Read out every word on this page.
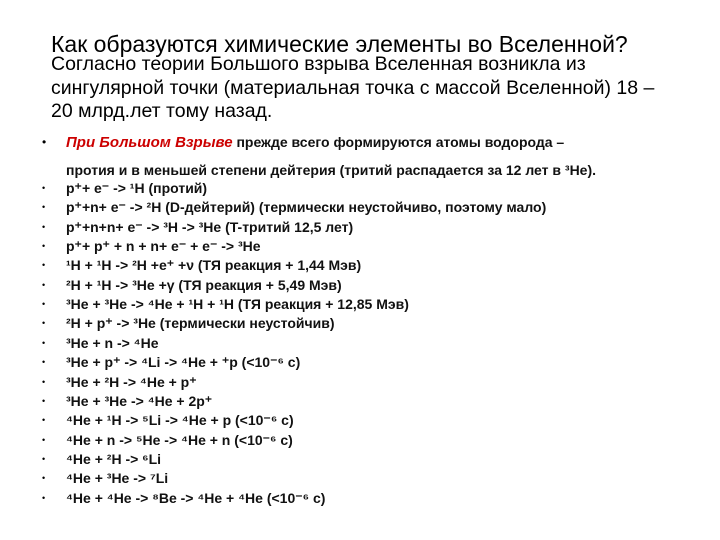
Как образуются химические элементы во Вселенной?
Согласно теории Большого взрыва Вселенная возникла из
сингулярной точки (материальная точка с массой Вселенной) 18 –
20 млрд.лет тому назад.
• При Большом Взрыве прежде всего формируются атомы водорода –
протия и в меньшей степени дейтерия (тритий распадается за 12 лет в ³He).
• p⁺+ e⁻ -> ¹H (протий)
• p⁺+n+ e⁻ -> ²H (D-дейтерий) (термически неустойчиво, поэтому мало)
• p⁺+n+n+ e⁻ -> ³H -> ³He (T-тритий 12,5 лет)
• p⁺+ p⁺ + n + n+ e⁻ + e⁻ -> ³He
• ¹H + ¹H -> ²H +e⁺ +ν (ТЯ реакция + 1,44 Мэв)
• ²H + ¹H -> ³He +γ (ТЯ реакция + 5,49 Мэв)
• ³He + ³He -> ⁴He + ¹H + ¹H (ТЯ реакция + 12,85 Мэв)
• ²H + p⁺ -> ³He (термически неустойчив)
• ³He + n -> ⁴He
• ³He + p⁺ -> ⁴Li -> ⁴He + ⁺p (<10⁻⁶ с)
• ³He + ²H -> ⁴He + p⁺
• ³He + ³He -> ⁴He + 2p⁺
• ⁴He + ¹H -> ⁵Li -> ⁴He + p (<10⁻⁶ с)
• ⁴He + n -> ⁵He -> ⁴He + n (<10⁻⁶ с)
• ⁴He + ²H -> ⁶Li
• ⁴He + ³He -> ⁷Li
• ⁴He + ⁴He -> ⁸Be -> ⁴He + ⁴He (<10⁻⁶ с)
